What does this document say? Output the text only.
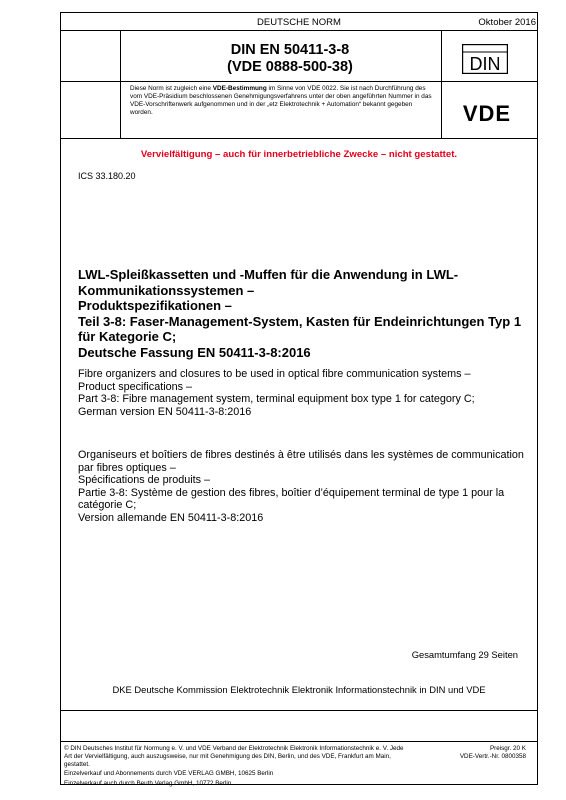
DEUTSCHE NORM	Oktober 2016
DIN EN 50411-3-8
(VDE 0888-500-38)	DIN
VDE
Diese Norm ist zugleich eine VDE-Bestimmung im Sinne von VDE 0022. Sie ist nach Durchführung des vom VDE-Präsidium beschlossenen Genehmigungsverfahrens unter der oben angeführten Nummer in das VDE-Vorschriftenwerk aufgenommen und in der „etz Elektrotechnik + Automation“ bekannt gegeben worden.
Vervielfältigung – auch für innerbetriebliche Zwecke – nicht gestattet.
ICS 33.180.20
LWL-Spleißkassetten und -Muffen für die Anwendung in LWL-
Kommunikationssystemen –
Produktspezifikationen –
Teil 3-8: Faser-Management-System, Kasten für Endeinrichtungen Typ 1
für Kategorie C;
Deutsche Fassung EN 50411-3-8:2016
Fibre organizers and closures to be used in optical fibre communication systems –
Product specifications –
Part 3-8: Fibre management system, terminal equipment box type 1 for category C;
German version EN 50411-3-8:2016
Organiseurs et boîtiers de fibres destinés à être utilisés dans les systèmes de communication
par fibres optiques –
Spécifications de produits –
Partie 3-8: Système de gestion des fibres, boîtier d’équipement terminal de type 1 pour la
catégorie C;
Version allemande EN 50411-3-8:2016
Gesamtumfang 29 Seiten
DKE Deutsche Kommission Elektrotechnik Elektronik Informationstechnik in DIN und VDE
© DIN Deutsches Institut für Normung e. V. und VDE Verband der Elektrotechnik Elektronik Informationstechnik e. V. Jede Art der Vervielfältigung, auch auszugsweise, nur mit Genehmigung des DIN, Berlin, und des VDE, Frankfurt am Main, gestattet.
Preisgr. 20 K
VDE-Vertr.-Nr. 0800358
Einzelverkauf und Abonnements durch VDE VERLAG GMBH, 10625 Berlin
Einzelverkauf auch durch Beuth Verlag GmbH, 10772 Berlin
